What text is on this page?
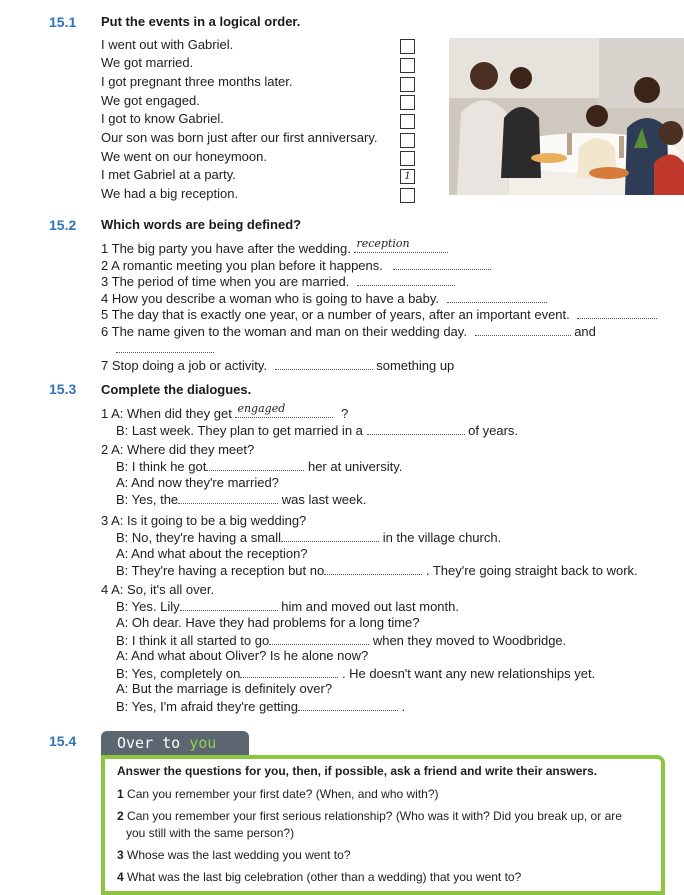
15.1 Put the events in a logical order.
I went out with Gabriel.
We got married.
I got pregnant three months later.
We got engaged.
I got to know Gabriel.
Our son was born just after our first anniversary.
We went on our honeymoon.
I met Gabriel at a party.
We had a big reception.
1
15.2 Which words are being defined?
1 The big party you have after the wedding. reception
2 A romantic meeting you plan before it happens.
3 The period of time when you are married.
4 How you describe a woman who is going to have a baby.
5 The day that is exactly one year, or a number of years, after an important event.
6 The name given to the woman and man on their wedding day.	and
7 Stop doing a job or activity.	something up
15.3 Complete the dialogues.
1 A: When did they get engaged	?
B: Last week. They plan to get married in a	of years.
2 A: Where did they meet?
B: I think he got	her at university.
A: And now they're married?
B: Yes, the	was last week.
3 A: Is it going to be a big wedding?
B: No, they're having a small	in the village church.
A: And what about the reception?
B: They're having a reception but no	. They're going straight back to work.
4 A: So, it's all over.
B: Yes. Lily	him and moved out last month.
A: Oh dear. Have they had problems for a long time?
B: I think it all started to go	when they moved to Woodbridge.
A: And what about Oliver? Is he alone now?
B: Yes, completely on	. He doesn't want any new relationships yet.
A: But the marriage is definitely over?
B: Yes, I'm afraid they're getting	.
15.4	Over to you
Answer the questions for you, then, if possible, ask a friend and write their answers.
1 Can you remember your first date? (When, and who with?)
2 Can you remember your first serious relationship? (Who was it with? Did you break up, or are
you still with the same person?)
3 Whose was the last wedding you went to?
4 What was the last big celebration (other than a wedding) that you went to?
